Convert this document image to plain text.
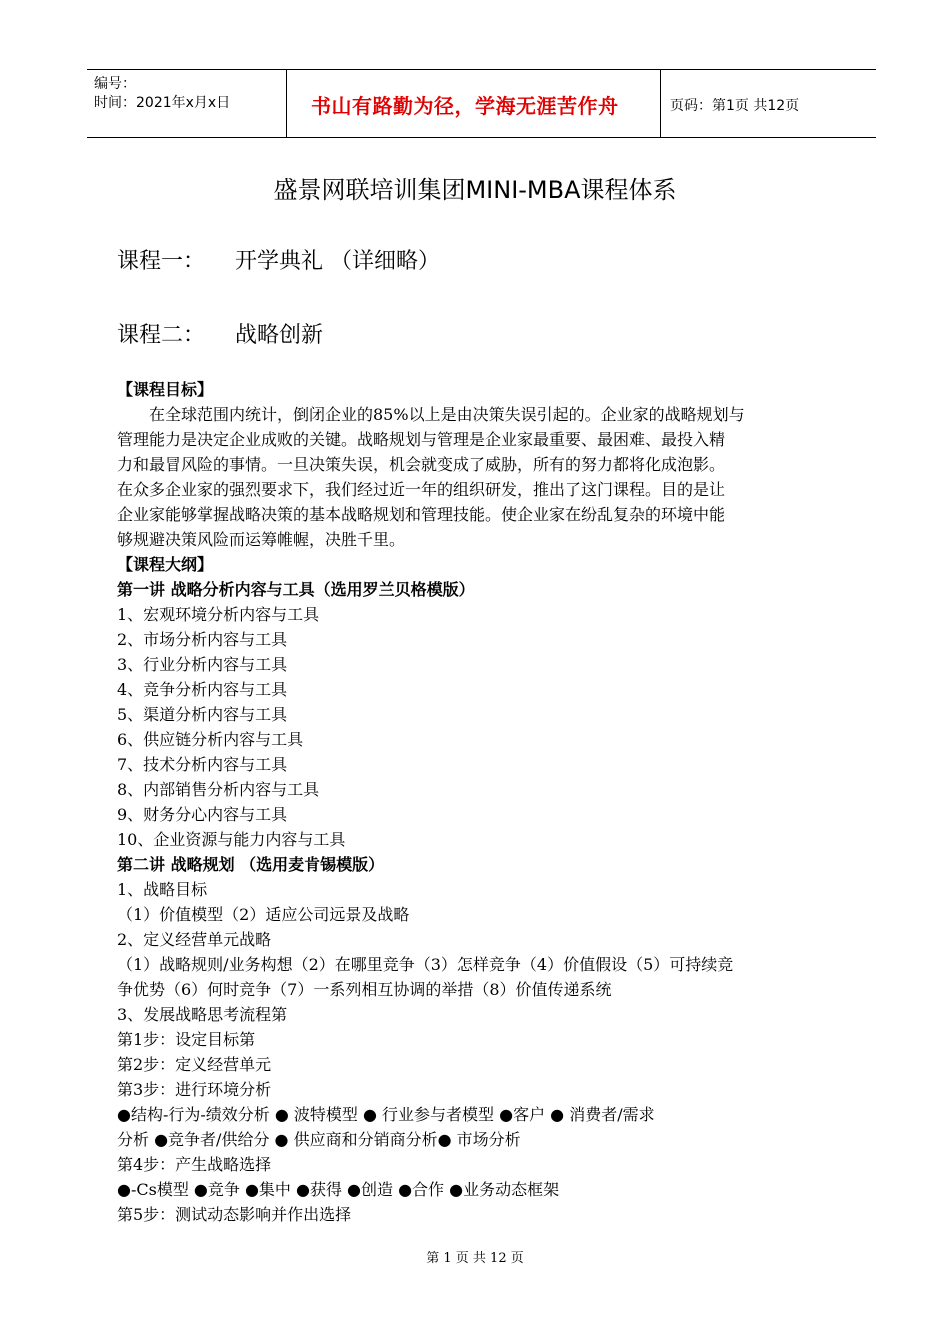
编号：
时间：2021年x月x日	书山有路勤为径，学海无涯苦作舟	页码：第1页 共12页
盛景网联培训集团MINI-MBA课程体系
课程一： 开学典礼 （详细略）
课程二： 战略创新

【课程目标】

在全球范围内统计，倒闭企业的85%以上是由决策失误引起的。企业家的战略规划与

管理能力是决定企业成败的关键。战略规划与管理是企业家最重要、最困难、最投入精

力和最冒风险的事情。一旦决策失误，机会就变成了威胁，所有的努力都将化成泡影。

在众多企业家的强烈要求下，我们经过近一年的组织研发，推出了这门课程。目的是让

企业家能够掌握战略决策的基本战略规划和管理技能。使企业家在纷乱复杂的环境中能

够规避决策风险而运筹帷幄，决胜千里。

【课程大纲】

第一讲 战略分析内容与工具（选用罗兰贝格模版）

1、宏观环境分析内容与工具

2、市场分析内容与工具

3、行业分析内容与工具

4、竞争分析内容与工具

5、渠道分析内容与工具

6、供应链分析内容与工具

7、技术分析内容与工具

8、内部销售分析内容与工具

9、财务分心内容与工具

10、企业资源与能力内容与工具

第二讲 战略规划 （选用麦肯锡模版）

1、战略目标

（1）价值模型（2）适应公司远景及战略

2、定义经营单元战略

（1）战略规则/业务构想（2）在哪里竞争（3）怎样竞争（4）价值假设（5）可持续竞

争优势（6）何时竞争（7）一系列相互协调的举措（8）价值传递系统

3、发展战略思考流程第

第1步：设定目标第

第2步：定义经营单元

第3步：进行环境分析

●结构-行为-绩效分析 ● 波特模型 ● 行业参与者模型 ●客户 ● 消费者/需求

分析 ●竞争者/供给分 ● 供应商和分销商分析● 市场分析

第4步：产生战略选择

●-Cs模型 ●竞争 ●集中 ●获得 ●创造 ●合作 ●业务动态框架

第5步：测试动态影响并作出选择

第 1 页 共 12 页
